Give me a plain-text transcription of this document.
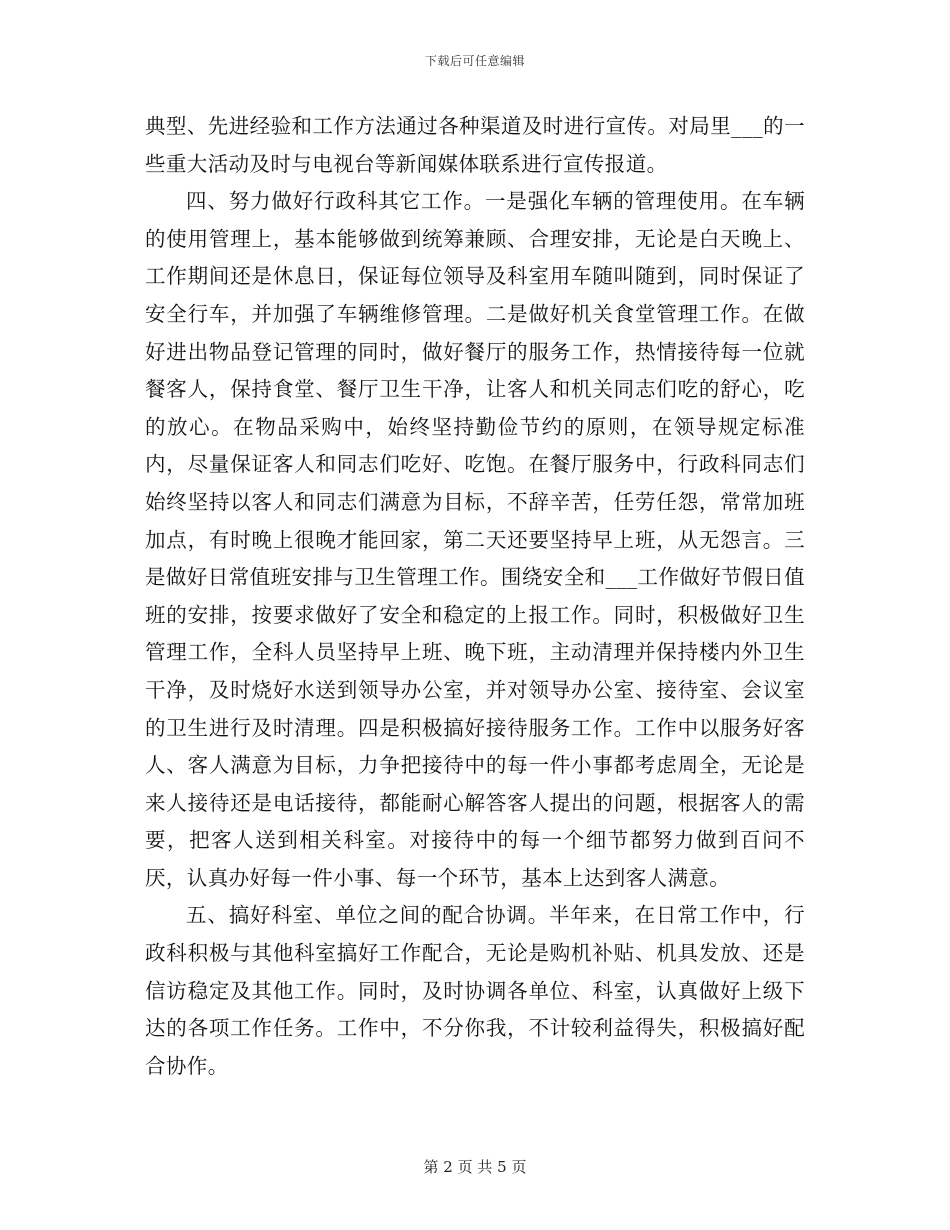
下载后可任意编辑

典型、先进经验和工作方法通过各种渠道及时进行宣传。对局里___的一些重大活动及时与电视台等新闻媒体联系进行宣传报道。

四、努力做好行政科其它工作。一是强化车辆的管理使用。在车辆的使用管理上，基本能够做到统筹兼顾、合理安排，无论是白天晚上、工作期间还是休息日，保证每位领导及科室用车随叫随到，同时保证了安全行车，并加强了车辆维修管理。二是做好机关食堂管理工作。在做好进出物品登记管理的同时，做好餐厅的服务工作，热情接待每一位就餐客人，保持食堂、餐厅卫生干净，让客人和机关同志们吃的舒心，吃的放心。在物品采购中，始终坚持勤俭节约的原则，在领导规定标准内，尽量保证客人和同志们吃好、吃饱。在餐厅服务中，行政科同志们始终坚持以客人和同志们满意为目标，不辞辛苦，任劳任怨，常常加班加点，有时晚上很晚才能回家，第二天还要坚持早上班，从无怨言。三是做好日常值班安排与卫生管理工作。围绕安全和___工作做好节假日值班的安排，按要求做好了安全和稳定的上报工作。同时，积极做好卫生管理工作，全科人员坚持早上班、晚下班，主动清理并保持楼内外卫生干净，及时烧好水送到领导办公室，并对领导办公室、接待室、会议室的卫生进行及时清理。四是积极搞好接待服务工作。工作中以服务好客人、客人满意为目标，力争把接待中的每一件小事都考虑周全，无论是来人接待还是电话接待，都能耐心解答客人提出的问题，根据客人的需要，把客人送到相关科室。对接待中的每一个细节都努力做到百问不厌，认真办好每一件小事、每一个环节，基本上达到客人满意。

五、搞好科室、单位之间的配合协调。半年来，在日常工作中，行政科积极与其他科室搞好工作配合，无论是购机补贴、机具发放、还是信访稳定及其他工作。同时，及时协调各单位、科室，认真做好上级下达的各项工作任务。工作中，不分你我，不计较利益得失，积极搞好配合协作。

第 2 页 共 5 页
